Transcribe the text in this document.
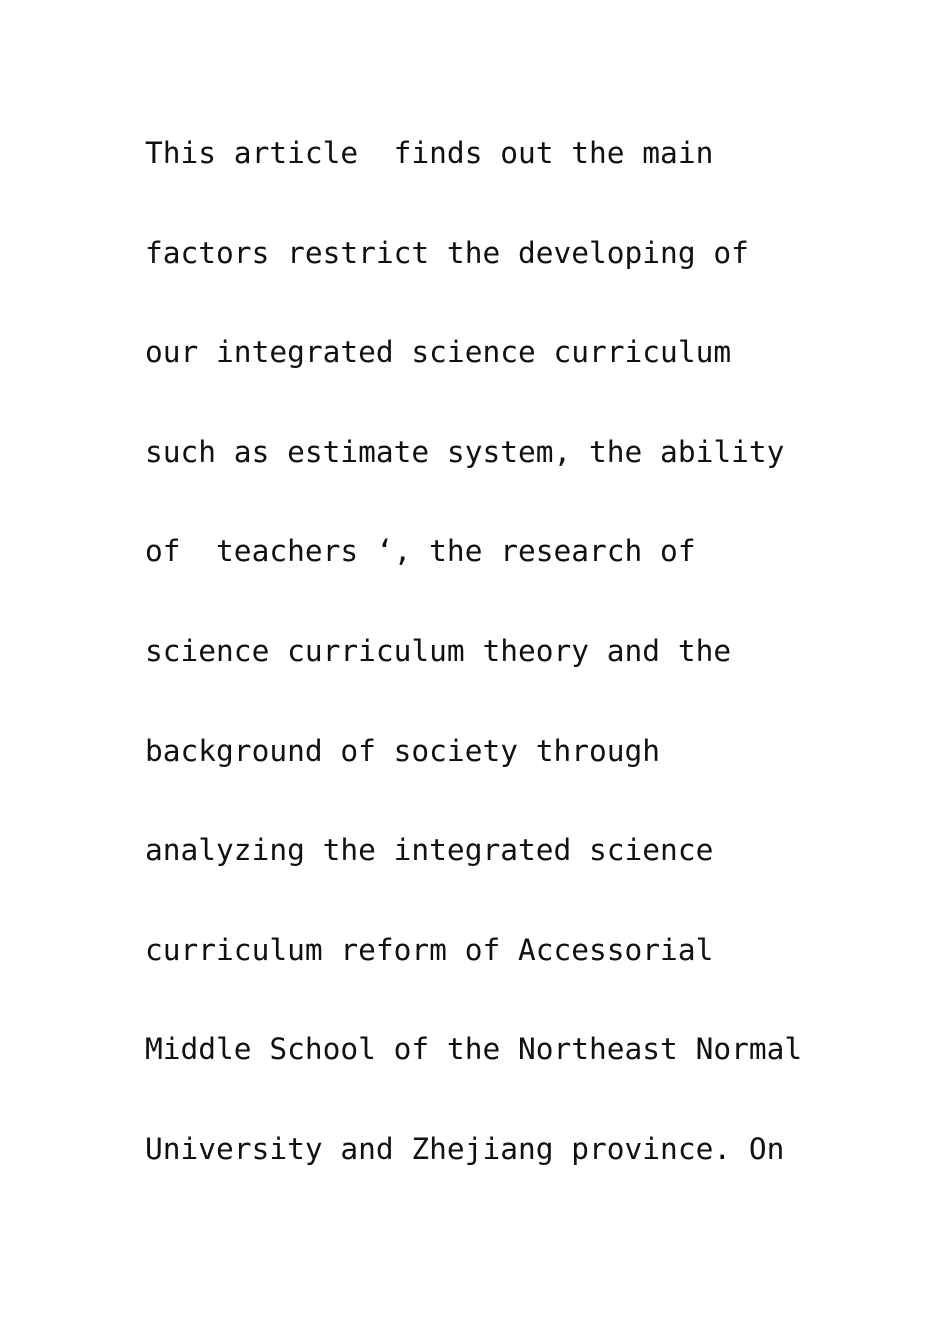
This article  finds out the main
factors restrict the developing of
our integrated science curriculum
such as estimate system, the ability
of  teachers ‘, the research of
science curriculum theory and the
background of society through
analyzing the integrated science
curriculum reform of Accessorial
Middle School of the Northeast Normal
University and Zhejiang province. On
